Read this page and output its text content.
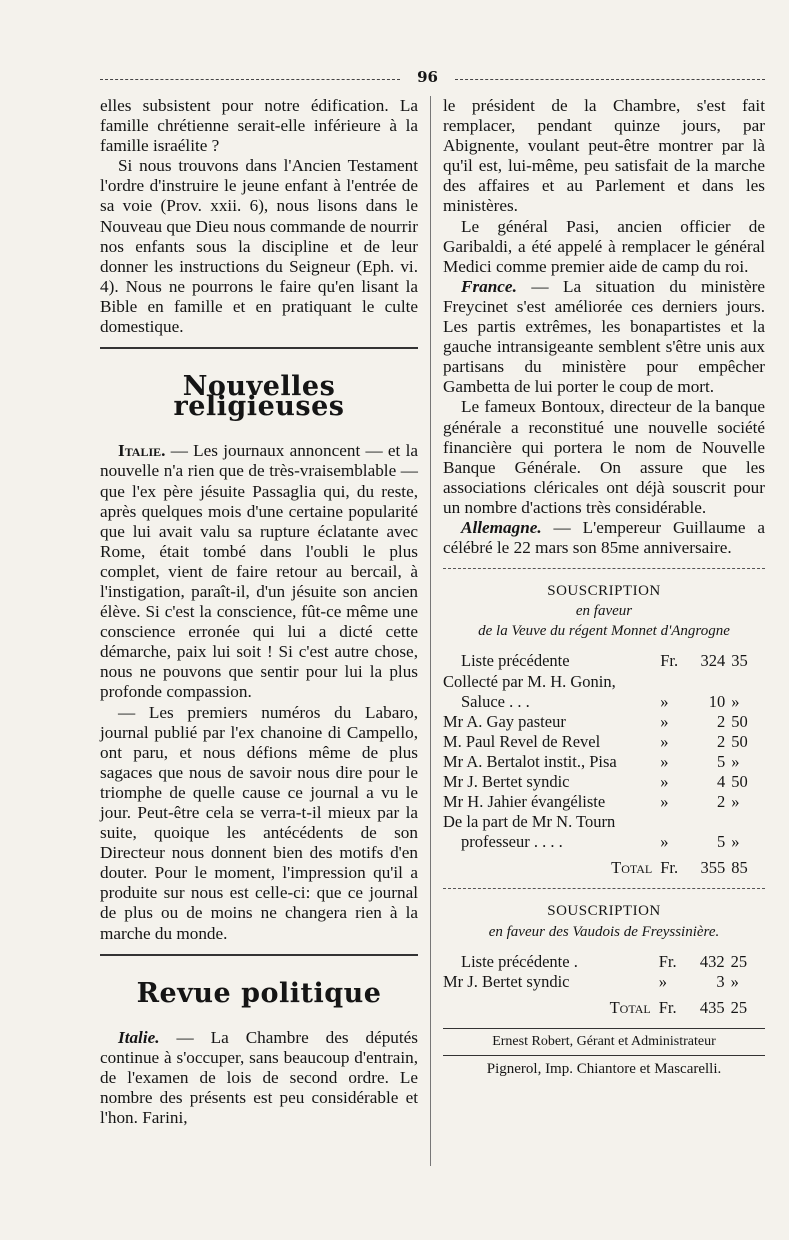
96

elles subsistent pour notre édification. La famille chrétienne serait-elle inférieure à la famille israélite ?

Si nous trouvons dans l'Ancien Testament l'ordre d'instruire le jeune enfant à l'entrée de sa voie (Prov. xxii. 6), nous lisons dans le Nouveau que Dieu nous commande de nourrir nos enfants sous la discipline et de leur donner les instructions du Seigneur (Eph. vi. 4). Nous ne pourrons le faire qu'en lisant la Bible en famille et en pratiquant le culte domestique.

Nouvelles religieuses

Italie. — Les journaux annoncent — et la nouvelle n'a rien que de très-vraisemblable — que l'ex père jésuite Passaglia qui, du reste, après quelques mois d'une certaine popularité que lui avait valu sa rupture éclatante avec Rome, était tombé dans l'oubli le plus complet, vient de faire retour au bercail, à l'instigation, paraît-il, d'un jésuite son ancien élève. Si c'est la conscience, fût-ce même une conscience erronée qui lui a dicté cette démarche, paix lui soit ! Si c'est autre chose, nous ne pouvons que sentir pour lui la plus profonde compassion.

— Les premiers numéros du Labaro, journal publié par l'ex chanoine di Campello, ont paru, et nous défions même de plus sagaces que nous de savoir nous dire pour le triomphe de quelle cause ce journal a vu le jour. Peut-être cela se verra-t-il mieux par la suite, quoique les antécédents de son Directeur nous donnent bien des motifs d'en douter. Pour le moment, l'impression qu'il a produite sur nous est celle-ci: que ce journal de plus ou de moins ne changera rien à la marche du monde.

Revue politique

Italie. — La Chambre des députés continue à s'occuper, sans beaucoup d'entrain, de l'examen de lois de second ordre. Le nombre des présents est peu considérable et l'hon. Farini,

le président de la Chambre, s'est fait remplacer, pendant quinze jours, par Abignente, voulant peut-être montrer par là qu'il est, lui-même, peu satisfait de la marche des affaires et au Parlement et dans les ministères.

Le général Pasi, ancien officier de Garibaldi, a été appelé à remplacer le général Medici comme premier aide de camp du roi.

France. — La situation du ministère Freycinet s'est améliorée ces derniers jours. Les partis extrêmes, les bonapartistes et la gauche intransigeante semblent s'être unis aux partisans du ministère pour empêcher Gambetta de lui porter le coup de mort.

Le fameux Bontoux, directeur de la banque générale a reconstitué une nouvelle société financière qui portera le nom de Nouvelle Banque Générale. On assure que les associations cléricales ont déjà souscrit pour un nombre d'actions très considérable.

Allemagne. — L'empereur Guillaume a célébré le 22 mars son 85me anniversaire.

SOUSCRIPTION
en faveur
de la Veuve du régent Monnet d'Angrogne
Liste précédente	Fr.	324	35
Collecté par M. H. Gonin,			
Saluce . . .	»	10	»
Mr A. Gay pasteur	»	2	50
M. Paul Revel de Revel	»	2	50
Mr A. Bertalot instit., Pisa	»	5	»
Mr J. Bertet syndic	»	4	50
Mr H. Jahier évangéliste	»	2	»
De la part de Mr N. Tourn			
professeur . . . .	»	5	»
Total	Fr.	355	85
SOUSCRIPTION
en faveur des Vaudois de Freyssinière.
Liste précédente .	Fr.	432	25
Mr J. Bertet syndic	»	3	»
Total	Fr.	435	25
Ernest Robert, Gérant et Administrateur
Pignerol, Imp. Chiantore et Mascarelli.
